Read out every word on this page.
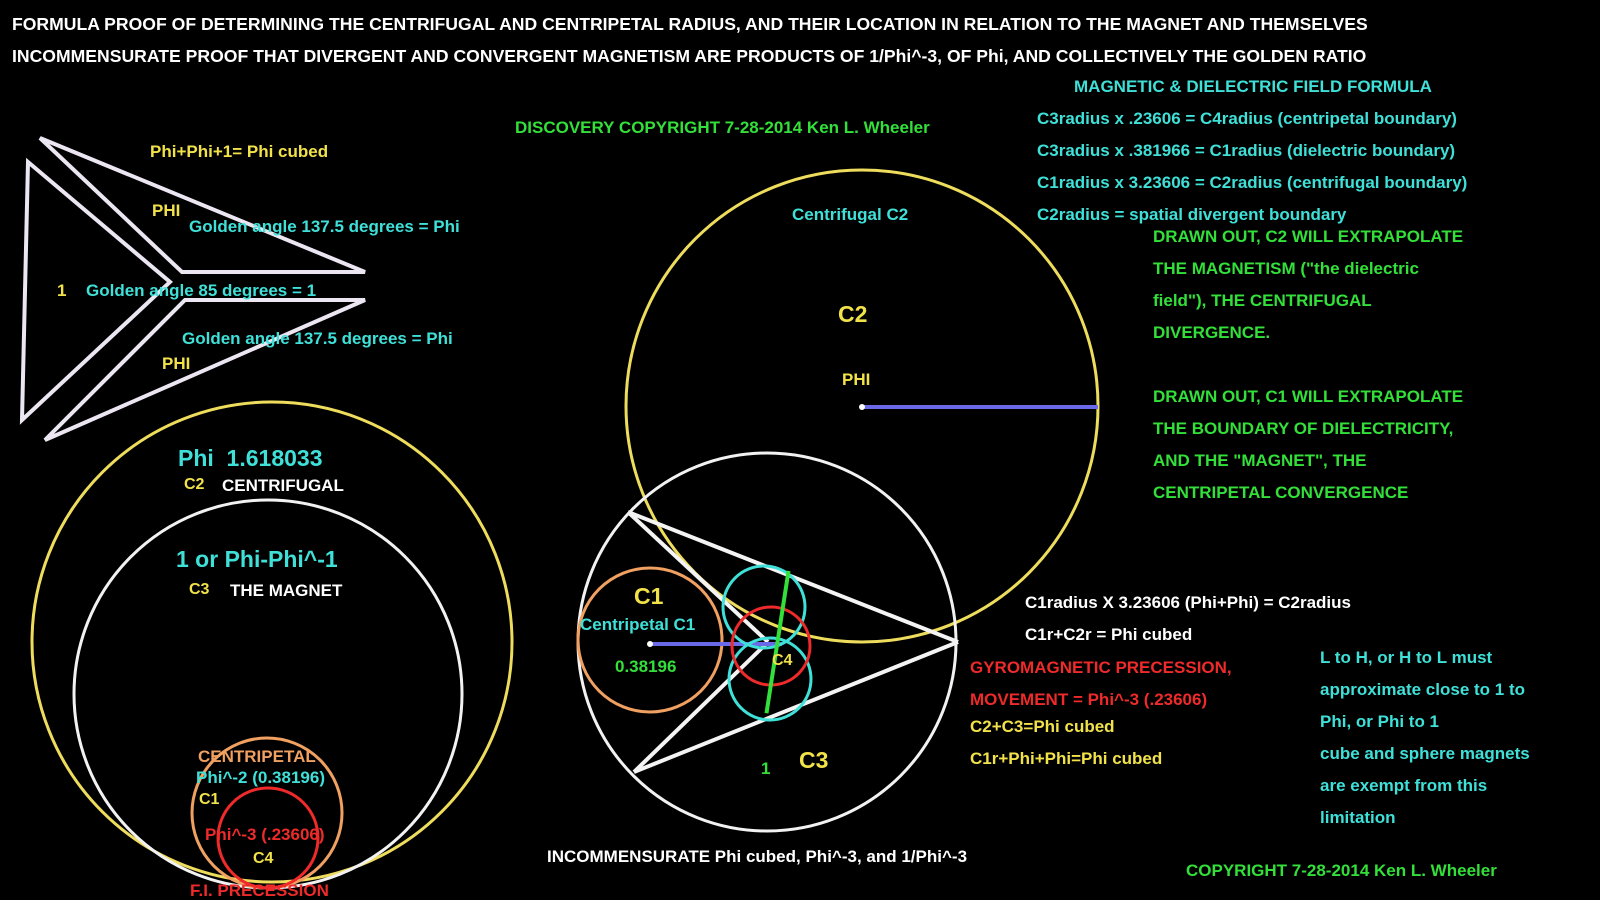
FORMULA PROOF OF DETERMINING THE CENTRIFUGAL AND CENTRIPETAL RADIUS, AND THEIR LOCATION IN RELATION TO THE MAGNET AND THEMSELVES
INCOMMENSURATE PROOF THAT DIVERGENT AND CONVERGENT MAGNETISM ARE PRODUCTS OF 1/Phi^-3, OF Phi, AND COLLECTIVELY THE GOLDEN RATIO
DISCOVERY COPYRIGHT 7-28-2014 Ken L. Wheeler
MAGNETIC & DIELECTRIC FIELD FORMULA
C3radius x .23606 = C4radius (centripetal boundary)
C3radius x .381966 = C1radius (dielectric boundary)
C1radius x 3.23606 = C2radius (centrifugal boundary)
C2radius = spatial divergent boundary
DRAWN OUT, C2 WILL EXTRAPOLATE
THE MAGNETISM ("the dielectric
field"), THE CENTRIFUGAL
DIVERGENCE.
DRAWN OUT, C1 WILL EXTRAPOLATE
THE BOUNDARY OF DIELECTRICITY,
AND THE "MAGNET", THE
CENTRIPETAL CONVERGENCE
Phi+Phi+1= Phi cubed
PHI
Golden angle 137.5 degrees = Phi
1 Golden angle 85 degrees = 1
Golden angle 137.5 degrees = Phi
PHI
Phi  1.618033
C2 CENTRIFUGAL
1 or Phi-Phi^-1
C3 THE MAGNET
CENTRIPETAL
Phi^-2 (0.38196)
C1
Phi^-3 (.23606)
C4
F.I. PRECESSION
Centrifugal C2
C2
PHI
C1
Centripetal C1
0.38196	C4
1 C3
C1radius X 3.23606 (Phi+Phi) = C2radius
C1r+C2r = Phi cubed
GYROMAGNETIC PRECESSION,
MOVEMENT = Phi^-3 (.23606)
C2+C3=Phi cubed
C1r+Phi+Phi=Phi cubed
L to H, or H to L must
approximate close to 1 to
Phi, or Phi to 1
cube and sphere magnets
are exempt from this
limitation
INCOMMENSURATE Phi cubed, Phi^-3, and 1/Phi^-3
COPYRIGHT 7-28-2014 Ken L. Wheeler
